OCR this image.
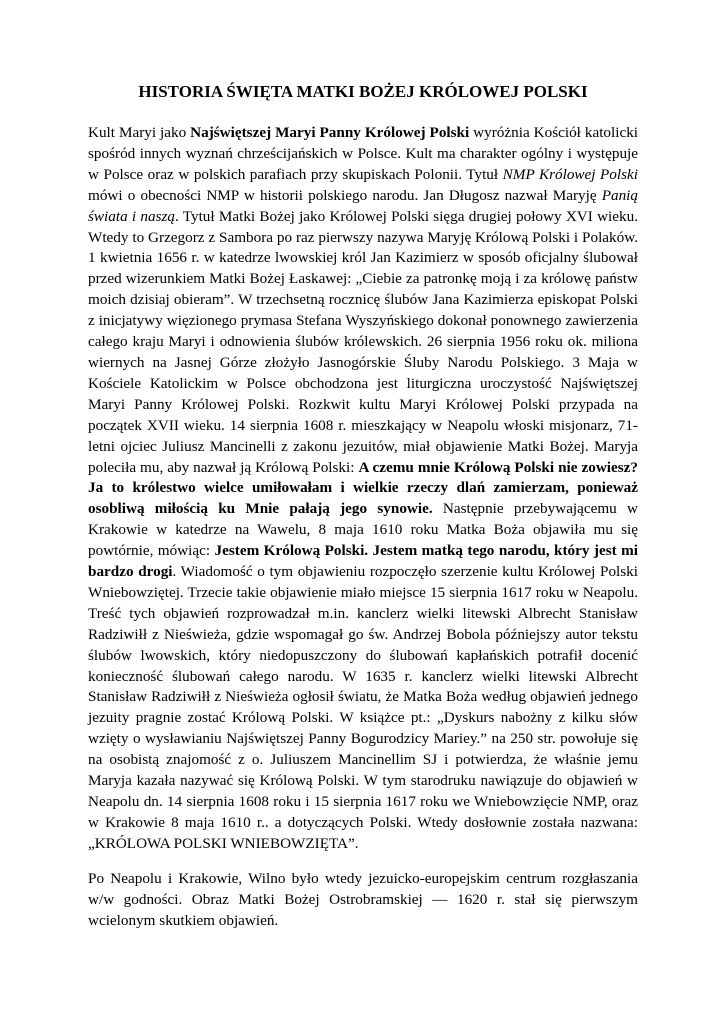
HISTORIA ŚWIĘTA MATKI BOŻEJ KRÓLOWEJ POLSKI

Kult Maryi jako Najświętszej Maryi Panny Królowej Polski wyróżnia Kościół katolicki spośród innych wyznań chrześcijańskich w Polsce. Kult ma charakter ogólny i występuje w Polsce oraz w polskich parafiach przy skupiskach Polonii. Tytuł NMP Królowej Polski mówi o obecności NMP w historii polskiego narodu. Jan Długosz nazwał Maryję Panią świata i naszą. Tytuł Matki Bożej jako Królowej Polski sięga drugiej połowy XVI wieku. Wtedy to Grzegorz z Sambora po raz pierwszy nazywa Maryję Królową Polski i Polaków. 1 kwietnia 1656 r. w katedrze lwowskiej król Jan Kazimierz w sposób oficjalny ślubował przed wizerunkiem Matki Bożej Łaskawej: „Ciebie za patronkę moją i za królowę państw moich dzisiaj obieram”. W trzechsetną rocznicę ślubów Jana Kazimierza episkopat Polski z inicjatywy więzionego prymasa Stefana Wyszyńskiego dokonał ponownego zawierzenia całego kraju Maryi i odnowienia ślubów królewskich. 26 sierpnia 1956 roku ok. miliona wiernych na Jasnej Górze złożyło Jasnogórskie Śluby Narodu Polskiego. 3 Maja w Kościele Katolickim w Polsce obchodzona jest liturgiczna uroczystość Najświętszej Maryi Panny Królowej Polski. Rozkwit kultu Maryi Królowej Polski przypada na początek XVII wieku. 14 sierpnia 1608 r. mieszkający w Neapolu włoski misjonarz, 71-letni ojciec Juliusz Mancinelli z zakonu jezuitów, miał objawienie Matki Bożej. Maryja poleciła mu, aby nazwał ją Królową Polski: A czemu mnie Królową Polski nie zowiesz? Ja to królestwo wielce umiłowałam i wielkie rzeczy dlań zamierzam, ponieważ osobliwą miłością ku Mnie pałają jego synowie. Następnie przebywającemu w Krakowie w katedrze na Wawelu, 8 maja 1610 roku Matka Boża objawiła mu się powtórnie, mówiąc: Jestem Królową Polski. Jestem matką tego narodu, który jest mi bardzo drogi. Wiadomość o tym objawieniu rozpoczęło szerzenie kultu Królowej Polski Wniebowziętej. Trzecie takie objawienie miało miejsce 15 sierpnia 1617 roku w Neapolu. Treść tych objawień rozprowadzał m.in. kanclerz wielki litewski Albrecht Stanisław Radziwiłł z Nieświeża, gdzie wspomagał go św. Andrzej Bobola późniejszy autor tekstu ślubów lwowskich, który niedopuszczony do ślubowań kapłańskich potrafił docenić konieczność ślubowań całego narodu. W 1635 r. kanclerz wielki litewski Albrecht Stanisław Radziwiłł z Nieświeża ogłosił światu, że Matka Boża według objawień jednego jezuity pragnie zostać Królową Polski. W książce pt.: „Dyskurs nabożny z kilku słów wzięty o wysławianiu Najświętszej Panny Bogurodzicy Mariey.” na 250 str. powołuje się na osobistą znajomość z o. Juliuszem Mancinellim SJ i potwierdza, że właśnie jemu Maryja kazała nazywać się Królową Polski. W tym starodruku nawiązuje do objawień w Neapolu dn. 14 sierpnia 1608 roku i 15 sierpnia 1617 roku we Wniebowzięcie NMP, oraz w Krakowie 8 maja 1610 r.. a dotyczących Polski. Wtedy dosłownie została nazwana: „KRÓLOWA POLSKI WNIEBOWZIĘTA”.

Po Neapolu i Krakowie, Wilno było wtedy jezuicko-europejskim centrum rozgłaszania w/w godności. Obraz Matki Bożej Ostrobramskiej — 1620 r. stał się pierwszym wcielonym skutkiem objawień.
